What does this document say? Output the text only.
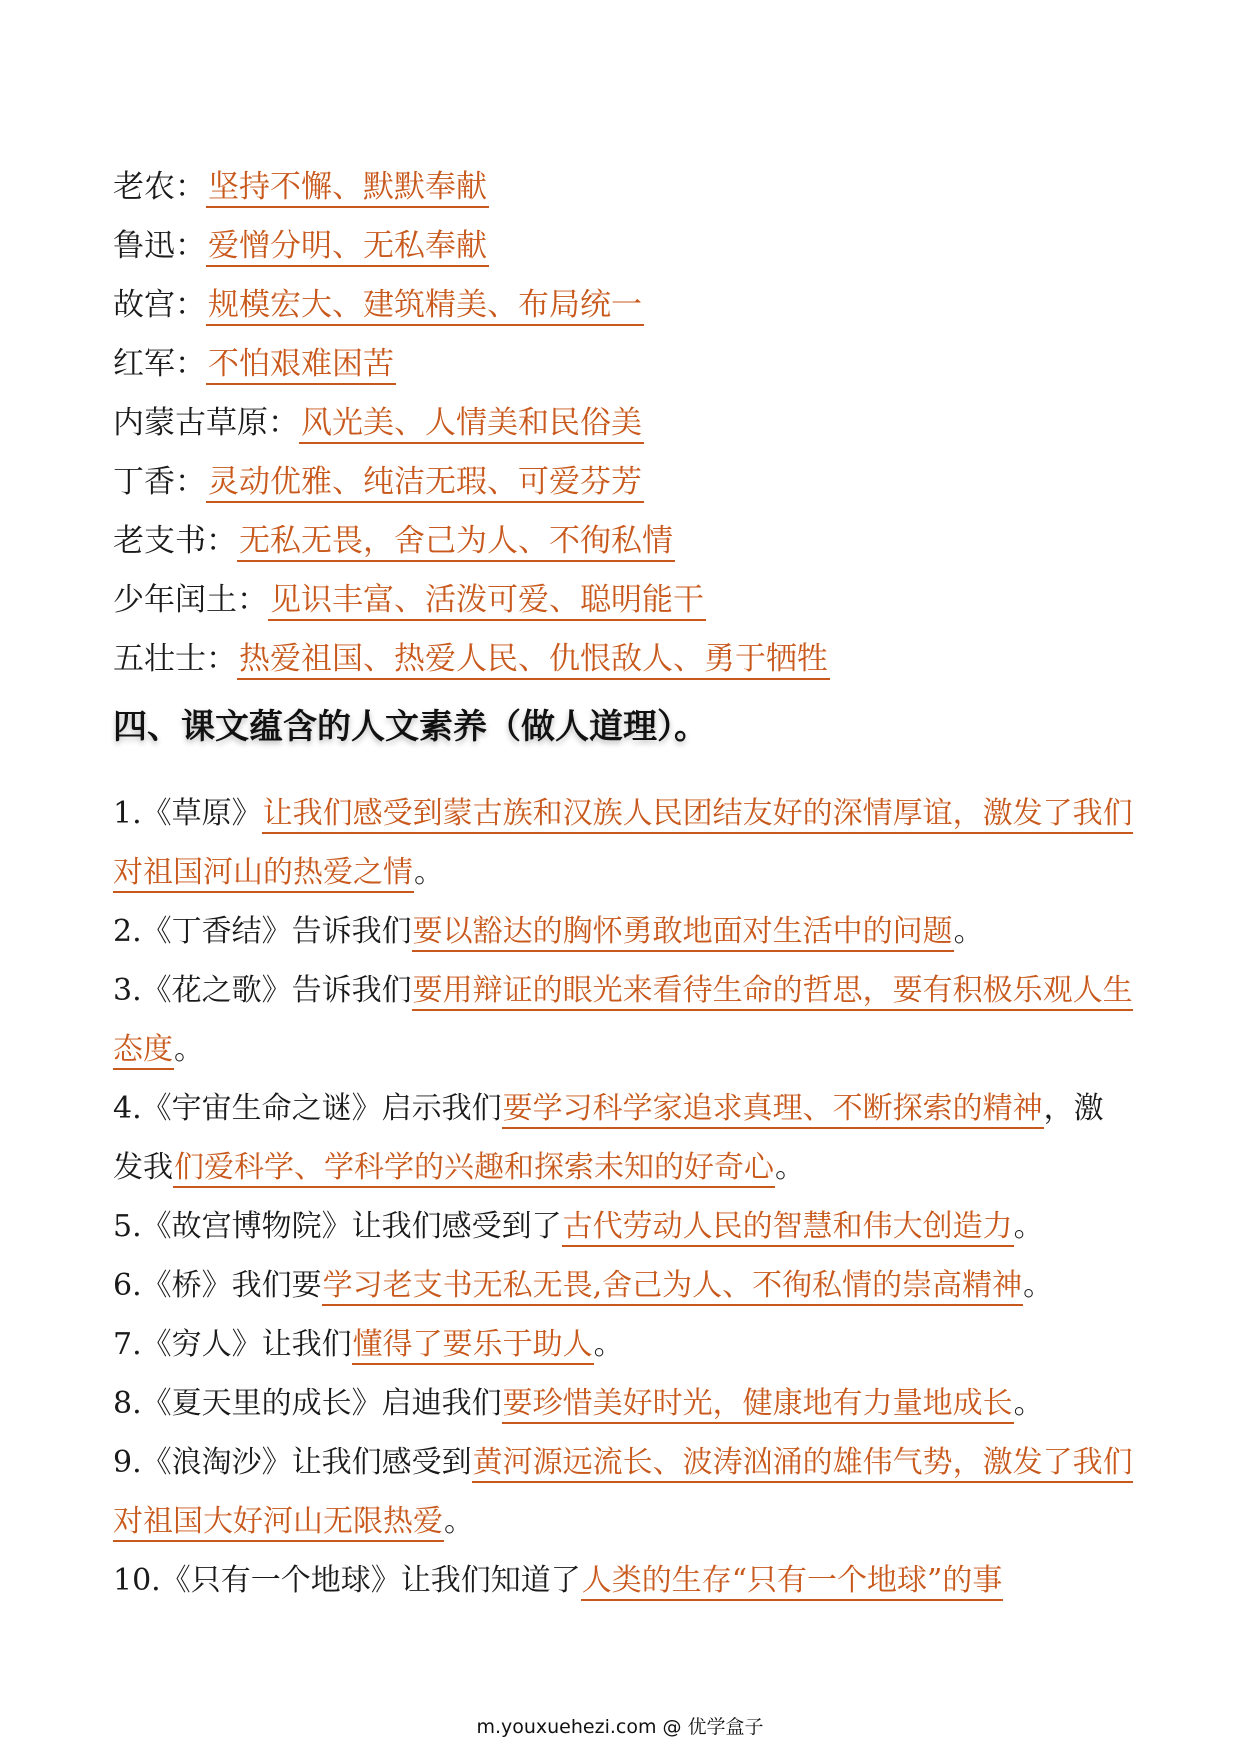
老农：坚持不懈、默默奉献
鲁迅：爱憎分明、无私奉献
故宫：规模宏大、建筑精美、布局统一
红军：不怕艰难困苦
内蒙古草原：风光美、人情美和民俗美
丁香：灵动优雅、纯洁无瑕、可爱芬芳
老支书：无私无畏，舍己为人、不徇私情
少年闰土：见识丰富、活泼可爱、聪明能干
五壮士：热爱祖国、热爱人民、仇恨敌人、勇于牺牲
四、课文蕴含的人文素养（做人道理）。
1.《草原》让我们感受到蒙古族和汉族人民团结友好的深情厚谊，激发了我们对祖国河山的热爱之情。
2.《丁香结》告诉我们要以豁达的胸怀勇敢地面对生活中的问题。
3.《花之歌》告诉我们要用辩证的眼光来看待生命的哲思，要有积极乐观人生态度。
4.《宇宙生命之谜》启示我们要学习科学家追求真理、不断探索的精神，激发我们爱科学、学科学的兴趣和探索未知的好奇心。
5.《故宫博物院》让我们感受到了古代劳动人民的智慧和伟大创造力。
6.《桥》我们要学习老支书无私无畏,舍己为人、不徇私情的崇高精神。
7.《穷人》让我们懂得了要乐于助人。
8.《夏天里的成长》启迪我们要珍惜美好时光，健康地有力量地成长。
9.《浪淘沙》让我们感受到黄河源远流长、波涛汹涌的雄伟气势，激发了我们对祖国大好河山无限热爱。
10.《只有一个地球》让我们知道了人类的生存“只有一个地球”的事
m.youxuehezi.com @ 优学盒子
